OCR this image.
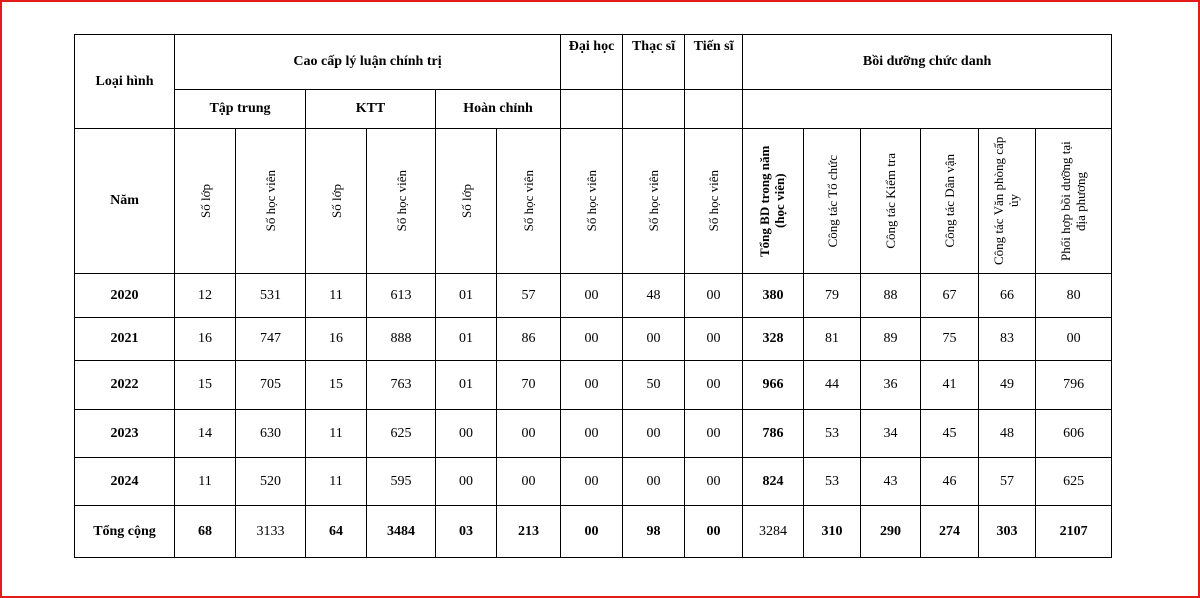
Loại hình	Cao cấp lý luận chính trị						Đại học	Thạc sĩ	Tiến sĩ	Bồi dưỡng chức danh					
	Tập trung		KTT		Hoàn chỉnh										
Năm	Số lớp	Số học viên	Số lớp	Số học viên	Số lớp	Số học viên	Số học viên	Số học viên	Số học viên	Tổng BD trong năm (học viên)	Công tác Tổ chức	Công tác Kiểm tra	Công tác Dân vận	Công tác Văn phòng cấp ủy	Phối hợp bồi dưỡng tại địa phương

2020	12	531	11	613	01	57	00	48	00	380	79	88	67	66	80
2021	16	747	16	888	01	86	00	00	00	328	81	89	75	83	00
2022	15	705	15	763	01	70	00	50	00	966	44	36	41	49	796
2023	14	630	11	625	00	00	00	00	00	786	53	34	45	48	606
2024	11	520	11	595	00	00	00	00	00	824	53	43	46	57	625
Tổng cộng	68	3133	64	3484	03	213	00	98	00	3284	310	290	274	303	2107
